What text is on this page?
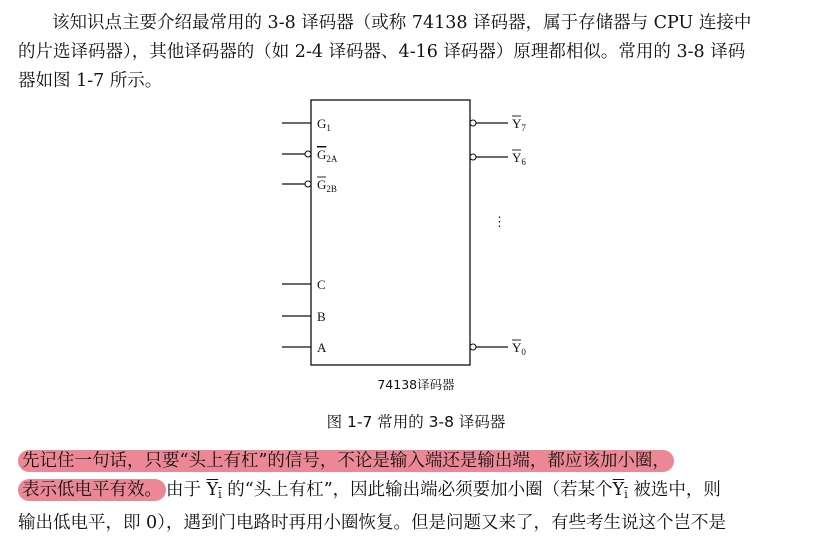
该知识点主要介绍最常用的 3-8 译码器（或称 74138 译码器，属于存储器与 CPU 连接中
的片选译码器），其他译码器的（如 2-4 译码器、4-16 译码器）原理都相似。常用的 3-8 译码
器如图 1-7 所示。
$G_1$
$G_{2A}$
$G_{2B}$
C
B
A
$Y_7$
$Y_6$
⋮
$Y_0$
74138译码器
图 1-7 常用的 3-8 译码器
先记住一句话，只要“头上有杠”的信号，不论是输入端还是输出端，都应该加小圈，
表示低电平有效。 由于 $Y_i$ 的“头上有杠”，因此输出端必须要加小圈（若某个$Y_i$ 被选中，则
输出低电平，即 0），遇到门电路时再用小圈恢复。但是问题又来了，有些考生说这个岂不是
